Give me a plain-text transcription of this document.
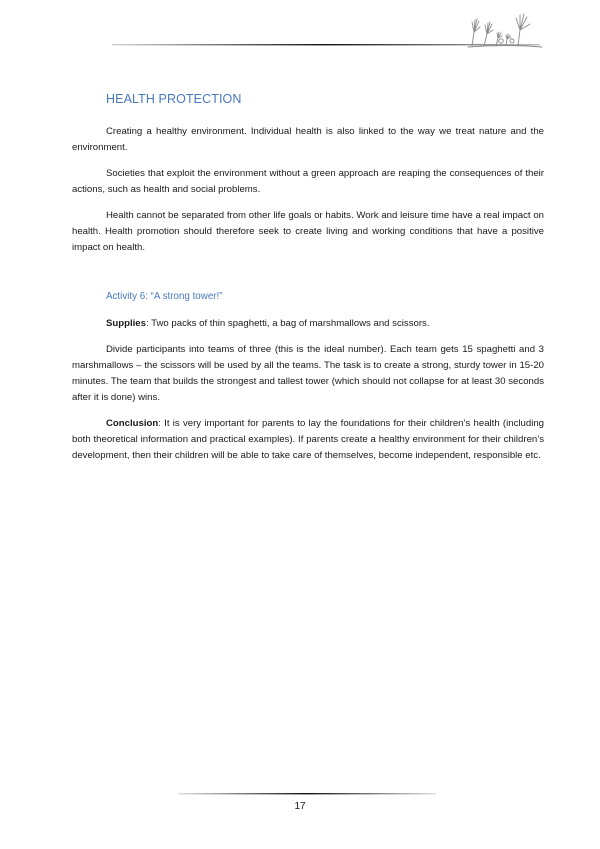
HEALTH PROTECTION

Creating a healthy environment. Individual health is also linked to the way we treat nature and the environment.

Societies that exploit the environment without a green approach are reaping the consequences of their actions, such as health and social problems.

Health cannot be separated from other life goals or habits. Work and leisure time have a real impact on health. Health promotion should therefore seek to create living and working conditions that have a positive impact on health.

Activity 6: “A strong tower!”

Supplies: Two packs of thin spaghetti, a bag of marshmallows and scissors.

Divide participants into teams of three (this is the ideal number). Each team gets 15 spaghetti and 3 marshmallows – the scissors will be used by all the teams. The task is to create a strong, sturdy tower in 15-20 minutes. The team that builds the strongest and tallest tower (which should not collapse for at least 30 seconds after it is done) wins.

Conclusion: It is very important for parents to lay the foundations for their children’s health (including both theoretical information and practical examples). If parents create a healthy environment for their children’s development, then their children will be able to take care of themselves, become independent, responsible etc.

17
